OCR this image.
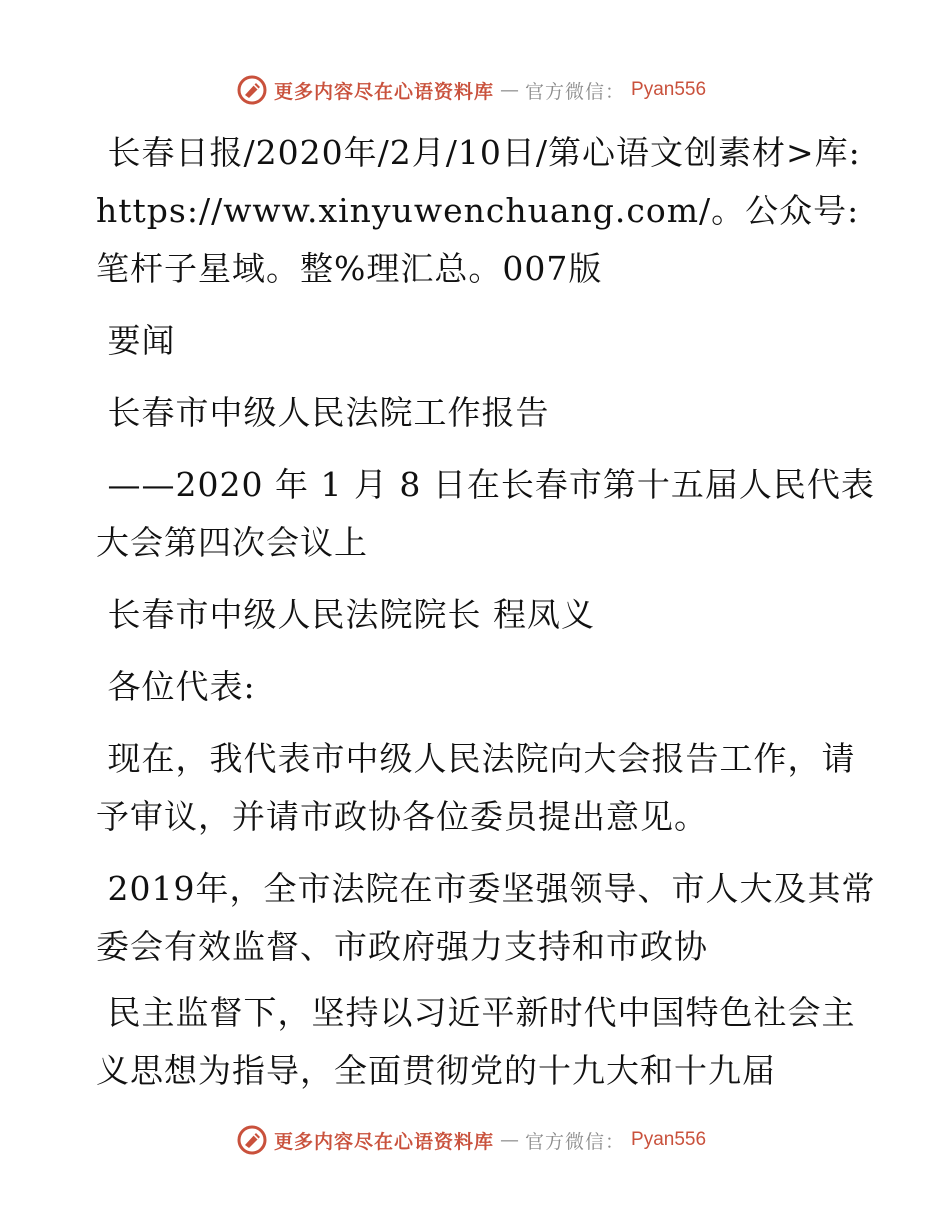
更多内容尽在心语资料库 — 官方微信： Pyan556

长春日报/2020年/2月/10日/第心语文创素材>库: https://www.xinyuwenchuang.com/。公众号: 笔杆子星域。整%理汇总。007版

要闻

长春市中级人民法院工作报告

——2020 年 1 月 8 日在长春市第十五届人民代表大会第四次会议上

长春市中级人民法院院长 程凤义

各位代表:

现在，我代表市中级人民法院向大会报告工作，请予审议，并请市政协各位委员提出意见。

2019年，全市法院在市委坚强领导、市人大及其常委会有效监督、市政府强力支持和市政协

民主监督下，坚持以习近平新时代中国特色社会主义思想为指导，全面贯彻党的十九大和十九届

更多内容尽在心语资料库 — 官方微信： Pyan556
